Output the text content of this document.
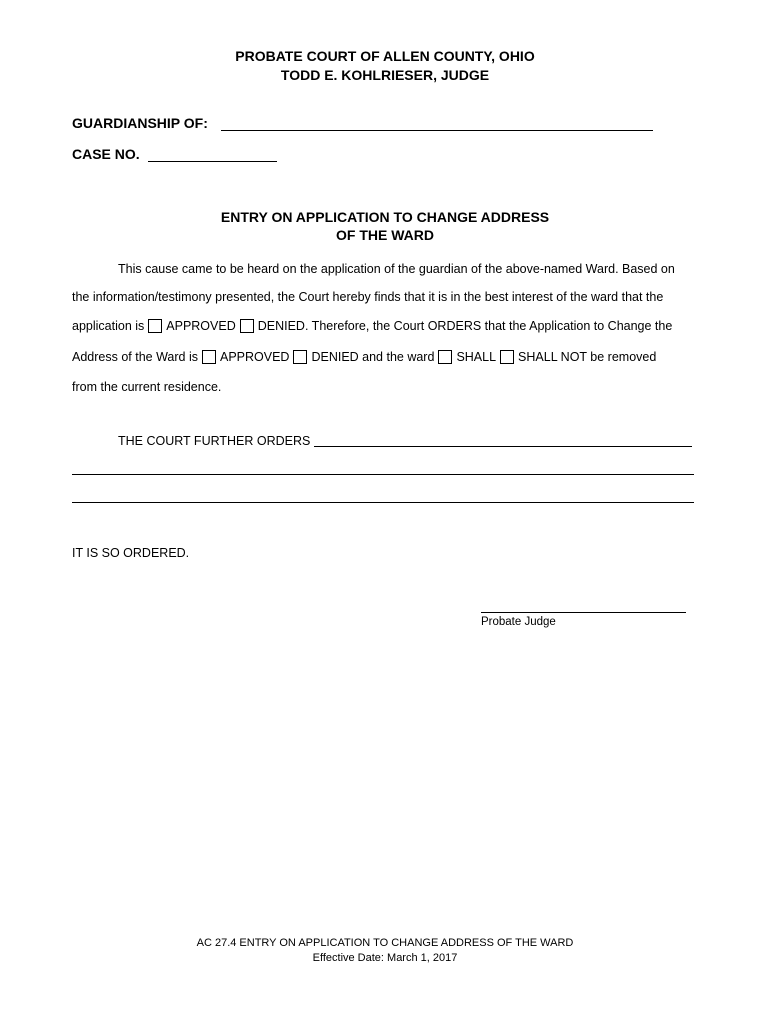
PROBATE COURT OF ALLEN COUNTY, OHIO
TODD E. KOHLRIESER, JUDGE
GUARDIANSHIP OF:
CASE NO.
ENTRY ON APPLICATION TO CHANGE ADDRESS
OF THE WARD
This cause came to be heard on the application of the guardian of the above-named Ward. Based on
the information/testimony presented, the Court hereby finds that it is in the best interest of the ward that the
application is APPROVED DENIED. Therefore, the Court ORDERS that the Application to Change the
Address of the Ward is APPROVED DENIED and the ward SHALL SHALL NOT be removed
from the current residence.
THE COURT FURTHER ORDERS
IT IS SO ORDERED.
Probate Judge
AC 27.4 ENTRY ON APPLICATION TO CHANGE ADDRESS OF THE WARD
Effective Date: March 1, 2017
